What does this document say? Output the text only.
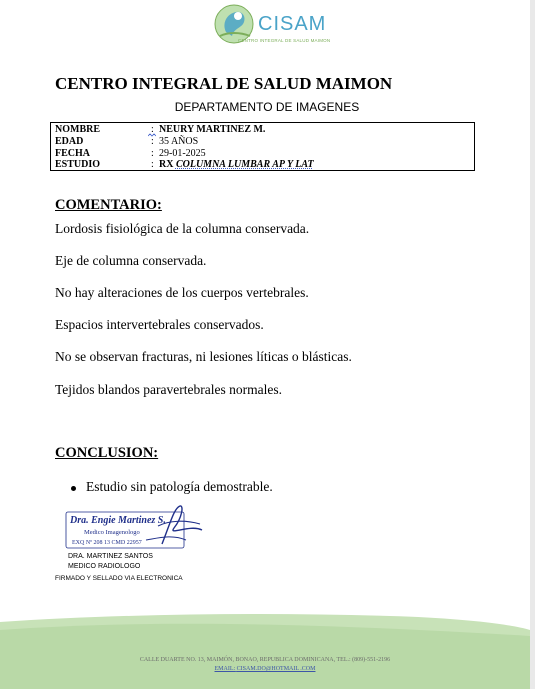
CISAM
CENTRO INTEGRAL DE SALUD MAIMON
CENTRO INTEGRAL DE SALUD MAIMON
DEPARTAMENTO DE IMAGENES
NOMBRE	: NEURY MARTINEZ M.
EDAD	: 35 AÑOS
FECHA	: 29-01-2025
ESTUDIO	: RX COLUMNA LUMBAR AP Y LAT
COMENTARIO:
Lordosis fisiológica de la columna conservada.
Eje de columna conservada.
No hay alteraciones de los cuerpos vertebrales.
Espacios intervertebrales conservados.
No se observan fracturas, ni lesiones líticas o blásticas.
Tejidos blandos paravertebrales normales.
CONCLUSION:
Estudio sin patología demostrable.
Dra. Engie Martinez S.
Medico Imagenologo
EXQ Nº 208 13 CMD 22957
DRA. MARTINEZ SANTOS
MEDICO RADIOLOGO
FIRMADO Y SELLADO VIA ELECTRONICA
CALLE DUARTE NO. 13, MAIMÓN, BONAO, REPUBLICA DOMINICANA, TEL.: (809)-551-2196
EMAIL: CISAM.DO@HOTMAIL .COM
